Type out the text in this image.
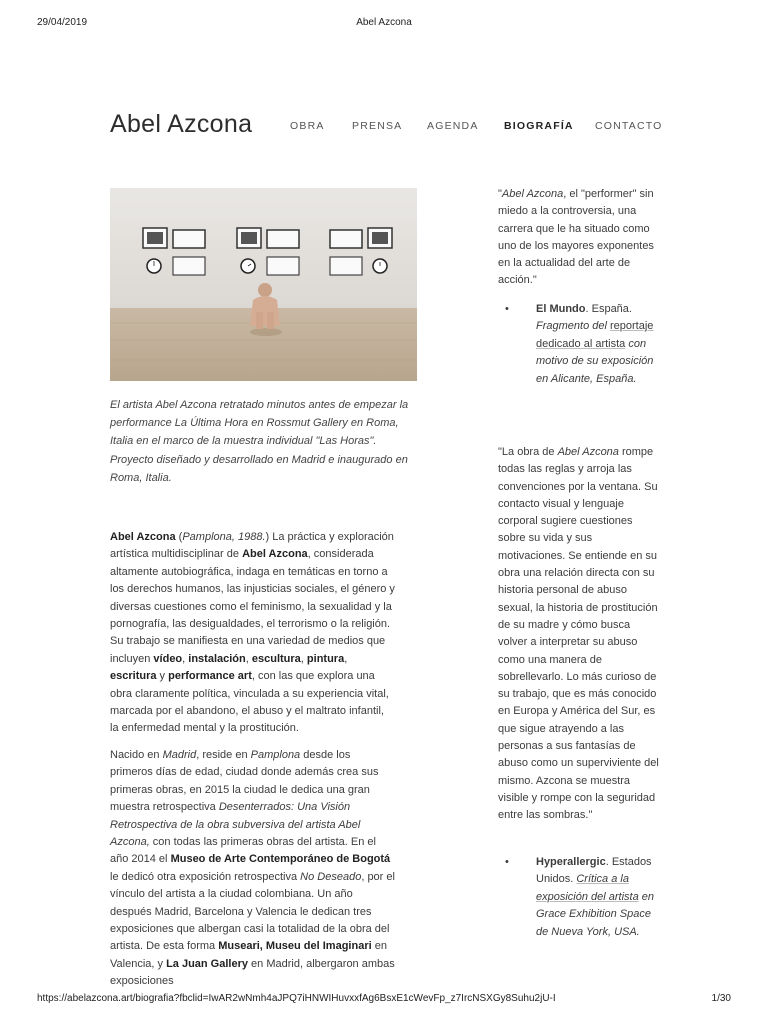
29/04/2019	Abel Azcona
Abel Azcona	OBRA	PRENSA AGENDA BIOGRAFÍA CONTACTO

El artista Abel Azcona retratado minutos antes de empezar la performance La Última Hora en Rossmut Gallery en Roma, Italia en el marco de la muestra individual "Las Horas". Proyecto diseñado y desarrollado en Madrid e inaugurado en Roma, Italia.

Abel Azcona (Pamplona, 1988.) La práctica y exploración artística multidisciplinar de Abel Azcona, considerada altamente autobiográfica, indaga en temáticas en torno a los derechos humanos, las injusticias sociales, el género y diversas cuestiones como el feminismo, la sexualidad y la pornografía, las desigualdades, el terrorismo o la religión. Su trabajo se manifiesta en una variedad de medios que incluyen vídeo, instalación, escultura, pintura, escritura y performance art, con las que explora una obra claramente política, vinculada a su experiencia vital, marcada por el abandono, el abuso y el maltrato infantil, la enfermedad mental y la prostitución.

Nacido en Madrid, reside en Pamplona desde los primeros días de edad, ciudad donde además crea sus primeras obras, en 2015 la ciudad le dedica una gran muestra retrospectiva Desenterrados: Una Visión Retrospectiva de la obra subversiva del artista Abel Azcona, con todas las primeras obras del artista. En el año 2014 el Museo de Arte Contemporáneo de Bogotá le dedicó otra exposición retrospectiva No Deseado, por el vínculo del artista a la ciudad colombiana. Un año después Madrid, Barcelona y Valencia le dedican tres exposiciones que albergan casi la totalidad de la obra del artista. De esta forma Museari, Museu del Imaginari en Valencia, y La Juan Gallery en Madrid, albergaron ambas exposiciones

"Abel Azcona, el "performer" sin miedo a la controversia, una carrera que le ha situado como uno de los mayores exponentes en la actualidad del arte de acción."

•	El Mundo. España.
Fragmento del reportaje dedicado al artista con motivo de su exposición en Alicante, España.

"La obra de Abel Azcona rompe todas las reglas y arroja las convenciones por la ventana. Su contacto visual y lenguaje corporal sugiere cuestiones sobre su vida y sus motivaciones. Se entiende en su obra una relación directa con su historia personal de abuso sexual, la historia de prostitución de su madre y cómo busca volver a interpretar su abuso como una manera de sobrellevarlo. Lo más curioso de su trabajo, que es más conocido en Europa y América del Sur, es que sigue atrayendo a las personas a sus fantasías de abuso como un superviviente del mismo. Azcona se muestra visible y rompe con la seguridad entre las sombras."

•	Hyperallergic. Estados Unidos. Crítica a la exposición del artista en Grace Exhibition Space de Nueva York, USA.
https://abelazcona.art/biografia?fbclid=IwAR2wNmh4aJPQ7iHNWIHuvxxfAg6BsxE1cWevFp_z7IrcNSXGy8Suhu2jU-I	1/30
